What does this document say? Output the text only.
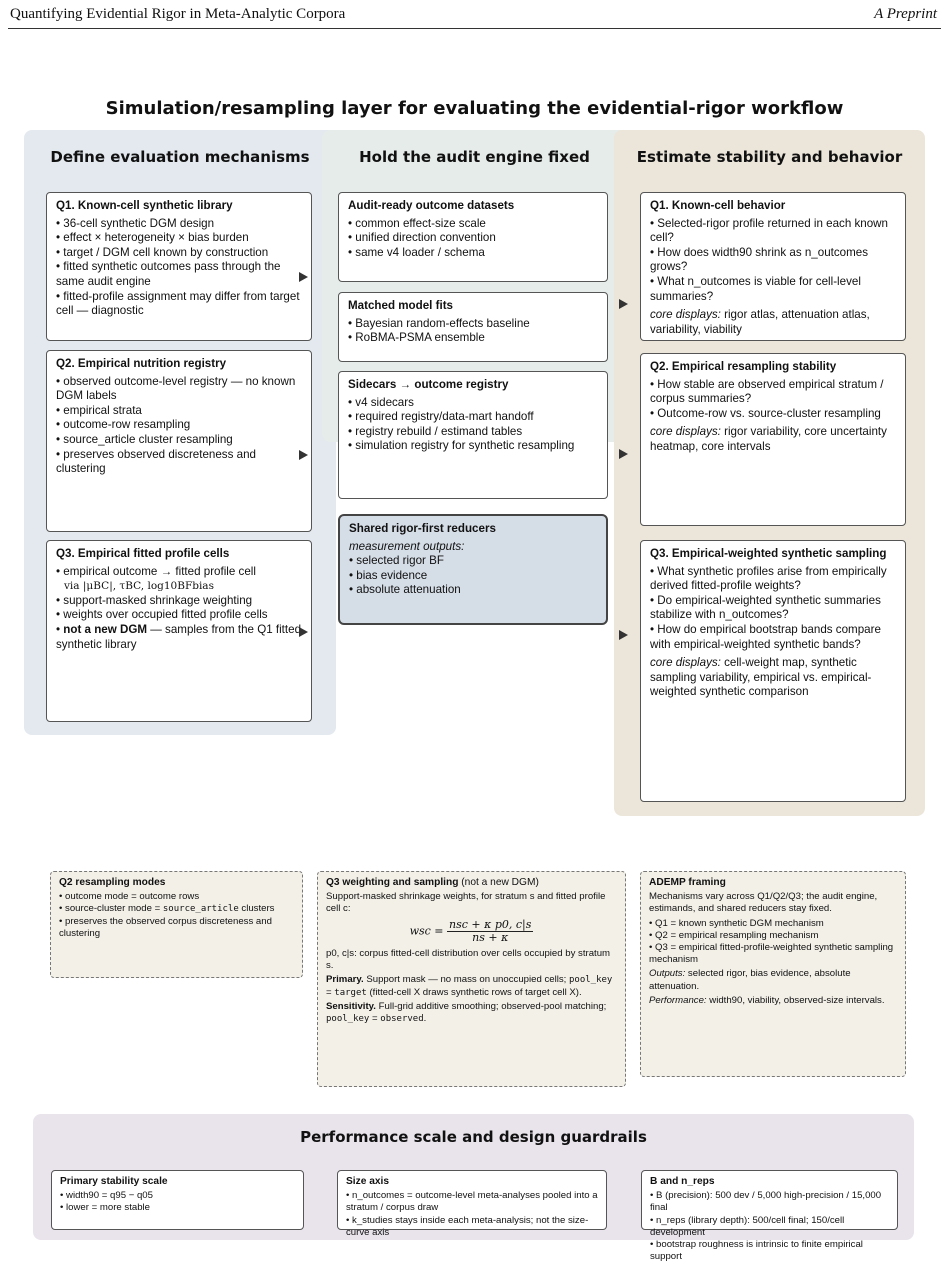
Quantifying Evidential Rigor in Meta-Analytic Corpora	A Preprint
Simulation/resampling layer for evaluating the evidential-rigor workflow
Define evaluation mechanisms	Hold the audit engine fixed	Estimate stability and behavior
Q1. Known-cell synthetic library
• 36-cell synthetic DGM design
• effect × heterogeneity × bias burden
• target / DGM cell known by construction
• fitted synthetic outcomes pass through the same audit engine
• fitted-profile assignment may differ from target cell — diagnostic
Q2. Empirical nutrition registry
• observed outcome-level registry — no known DGM labels
• empirical strata
• outcome-row resampling
• source_article cluster resampling
• preserves observed discreteness and clustering
Q3. Empirical fitted profile cells
• empirical outcome → fitted profile cell
via |μBC|, τBC, log10BFbias
• support-masked shrinkage weighting
• weights over occupied fitted profile cells
• not a new DGM — samples from the Q1 fitted synthetic library
Audit-ready outcome datasets
• common effect-size scale
• unified direction convention
• same v4 loader / schema
Matched model fits
• Bayesian random-effects baseline
• RoBMA-PSMA ensemble
Sidecars → outcome registry
• v4 sidecars
• required registry/data-mart handoff
• registry rebuild / estimand tables
• simulation registry for synthetic resampling
Shared rigor-first reducers
measurement outputs:
• selected rigor BF
• bias evidence
• absolute attenuation
Q1. Known-cell behavior
• Selected-rigor profile returned in each known cell?
• How does width90 shrink as n_outcomes grows?
• What n_outcomes is viable for cell-level summaries?
core displays: rigor atlas, attenuation atlas, variability, viability
Q2. Empirical resampling stability
• How stable are observed empirical stratum / corpus summaries?
• Outcome-row vs. source-cluster resampling
core displays: rigor variability, core uncertainty heatmap, core intervals
Q3. Empirical-weighted synthetic sampling
• What synthetic profiles arise from empirically derived fitted-profile weights?
• Do empirical-weighted synthetic summaries stabilize with n_outcomes?
• How do empirical bootstrap bands compare with empirical-weighted synthetic bands?
core displays: cell-weight map, synthetic sampling variability, empirical vs. empirical-weighted synthetic comparison
Q2 resampling modes
• outcome mode = outcome rows
• source-cluster mode = source_article clusters
• preserves the observed corpus discreteness and clustering
Q3 weighting and sampling (not a new DGM)

Support-masked shrinkage weights, for stratum s and fitted profile cell c:

wsc = $\frac{\text{nsc + κ p0, c|s}}{ns + \kappa}$

p0, c|s: corpus fitted-cell distribution over cells occupied by stratum s.

Primary. Support mask — no mass on unoccupied cells; pool_key = target (fitted-cell X draws synthetic rows of target cell X).

Sensitivity. Full-grid additive smoothing; observed-pool matching; pool_key = observed.

ADEMP framing

Mechanisms vary across Q1/Q2/Q3; the audit engine, estimands, and shared reducers stay fixed.

• Q1 = known synthetic DGM mechanism
• Q2 = empirical resampling mechanism
• Q3 = empirical fitted-profile-weighted synthetic sampling mechanism

Outputs: selected rigor, bias evidence, absolute attenuation.

Performance: width90, viability, observed-size intervals.

Performance scale and design guardrails
Primary stability scale
• width90 = q95 − q05
• lower = more stable
Size axis
• n_outcomes = outcome-level meta-analyses pooled into a stratum / corpus draw
• k_studies stays inside each meta-analysis; not the size-curve axis
B and n_reps
• B (precision): 500 dev / 5,000 high-precision / 15,000 final
• n_reps (library depth): 500/cell final; 150/cell development
• bootstrap roughness is intrinsic to finite empirical support
